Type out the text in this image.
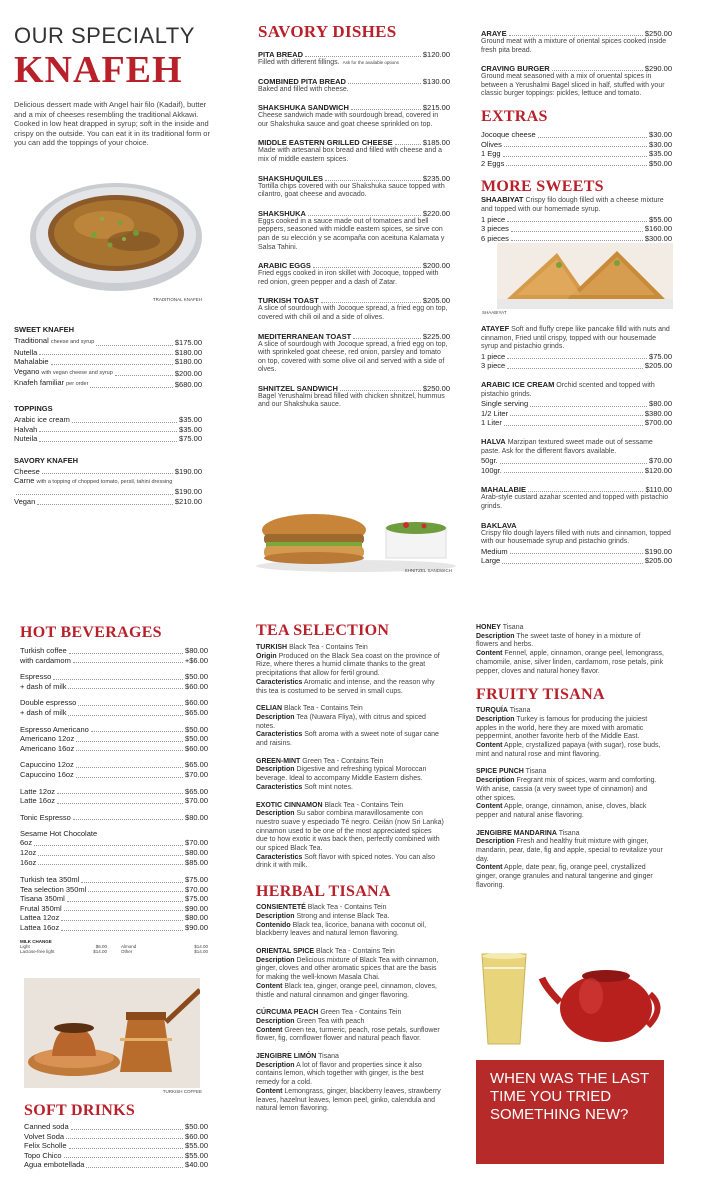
OUR SPECIALTY
KNAFEH
Delicious dessert made with Angel hair filo (Kadaif), butter and a mix of cheeses resembling the traditional Akkawi. Cooked in low heat drapped in syrup; soft in the inside and crispy on the outside. You can eat it in its traditional form or you can add the toppings of your choice.
TRADITIONAL KNAFEH
SWEET KNAFEH
Traditional cheese and syrup	$175.00
Nutella	$180.00
Mahalabie	$180.00
Vegano with vegan cheese and syrup	$200.00
Knafeh familiar per order	$680.00
TOPPINGS
Arabic ice cream	$35.00
Halvah	$35.00
Nuteila	$75.00
SAVORY KNAFEH
Cheese	$190.00
Carne with a topping of chopped tomato, persil, tahini dressing
$190.00
Vegan	$210.00
SAVORY DISHES
PITA BREAD	$120.00
Filled with different fillings. Ask for the available options
COMBINED PITA BREAD	$130.00
Baked and filled with cheese.
SHAKSHUKA SANDWICH	$215.00
Cheese sandwich made with sourdough bread, covered in our Shakshuka sauce and goat cheese sprinkled on top.
MIDDLE EASTERN GRILLED CHEESE	$185.00
Made with artesanal box bread and filled with cheese and a mix of middle eastern spices.
SHAKSHUQUILES	$235.00
Tortilla chips covered with our Shakshuka sauce topped with cilantro, goat cheese and avocado.
SHAKSHUKA	$220.00
Eggs cooked in a sauce made out of tomatoes and bell peppers, seasoned with middle eastern spices, se sirve con pan de su elección y se acompaña con aceituna Kalamata y Salsa Tahini.
ARABIC EGGS	$200.00
Fried eggs cooked in iron skillet with Jocoque, topped with red onion, green pepper and a dash of Zatar.
TURKISH TOAST	$205.00
A slice of sourdough with Jocoque spread, a fried egg on top, covered with chili oil and a side of olives.
MEDITERRANEAN TOAST	$225.00
A slice of sourdough with Jocoque spread, a fried egg on top, with sprinkeled goat cheese, red onion, parsley and tomato on top, covered with some olive oil and served with a side of olves.
SHNITZEL SANDWICH	$250.00
Bagel Yerushalmi bread filled with chicken shnitzel, hummus and our Shakshuka sauce.
SHNITZEL SANDWICH
ARAYE	$250.00
Ground meat with a mixture of oriental spices cooked inside fresh pita bread.
CRAVING BURGER	$290.00
Ground meat seasoned with a mix of oruental spices in between a Yerushalmi Bagel sliced in half, stuffed with your classic burger toppings: pickles, lettuce and tomato.
EXTRAS
Jocoque cheese	$30.00
Olives	$30.00
1 Egg	$35.00
2 Eggs	$50.00
MORE SWEETS
SHAABIYAT Crispy filo dough filled with a cheese mixture and topped with our homemade syrup.
1 piece	$55.00
3 pieces	$160.00
6 pieces	$300.00
SHAABIYAT
ATAYEF Soft and fluffy crepe like pancake filld with nuts and cinnamon, Fried until crispy, topped with our housemade syrup and pistachio grinds.
1 piece	$75.00
3 piece	$205.00
ARABIC ICE CREAM Orchid scented and topped with pistachio grinds.
Single serving	$80.00
1/2 Liter	$380.00
1 Liter	$700.00
HALVA Marzipan textured sweet made out of sessame paste. Ask for the different flavors available.
50gr.	$70.00
100gr.	$120.00
MAHALABIE	$110.00
Arab-style custard azahar scented and topped with pistachio grinds.
BAKLAVA
Crispy filo dough layers filled with nuts and cinnamon, topped with our housemade syrup and pistachio grinds.
Medium	$190.00
Large	$205.00
HOT BEVERAGES
Turkish coffee	$80.00
with cardamom	+$6.00
Espresso	$50.00
+ dash of milk	$60.00
Double espresso	$60.00
+ dash of milk	$65.00
Espresso Americano	$50.00
Americano 12oz	$50.00
Americano 16oz	$60.00
Capuccino 12oz	$65.00
Capuccino 16oz	$70.00
Latte 12oz	$65.00
Latte 16oz	$70.00
Tonic Espresso	$80.00
Sesame Hot Chocolate
6oz	$70.00
12oz	$80.00
16oz	$85.00
Turkish tea 350ml	$75.00
Tea selection 350ml	$70.00
Tisana 350ml	$75.00
Frutal 350ml	$90.00
Lattea 12oz	$80.00
Lattea 16oz	$90.00
MILK CHANGE
Light	$6.00
Lactose-free light	$14.00
Almond	$14.00
Other	$14.00
TURKISH COFFEE
SOFT DRINKS
Canned soda	$50.00
Volvet Soda	$60.00
Felix Scholle	$55.00
Topo Chico	$55.00
Agua embotellada	$40.00
TEA SELECTION
TURKISH Black Tea - Contains Tein
Origin Produced on the Black Sea coast on the province of Rize, where theres a humid climate thanks to the great precipitations that allow for fertil ground.
Caracteristics Aromatic and intense, and the reason why this tea is costumed to be served in small cups.
CELIAN Black Tea - Contains Tein
Description Tea (Nuwara Fliya), with citrus and spiced notes.
Caracteristics Soft aroma with a sweet note of sugar cane and raisins.
GREEN-MINT Green Tea - Contains Tein
Description Digestive and refreshing typical Moroccan beverage. Ideal to accompany Middle Eastern dishes.
Caracteristics Soft mint notes.
EXOTIC CINNAMON Black Tea - Contains Tein
Description Su sabor combina maravillosamente con nuestro suave y especiado Té negro. Ceilán (now Sri Lanka) cinnamon used to be one of the most appreciated spices due to how exotic it was back then, perfectly combined with our spiced Black Tea.
Caracteristics Soft flavor with spiced notes. You can also drink it with milk.
HERBAL TISANA
CONSIENTETÉ Black Tea - Contains Tein
Description Strong and intense Black Tea.
Contenido Black tea, licorice, banana with coconut oil, blackberry leaves and natural lemon flavoring.
ORIENTAL SPICE Black Tea - Contains Tein
Description Delicious mixture of Black Tea with cinnamon, ginger, cloves and other aromatic spices that are the basis for making the well-known Masala Chai.
Content Black tea, ginger, orange peel, cinnamon, cloves, thistle and natural cinnamon and ginger flavoring.
CÚRCUMA PEACH Green Tea - Contains Tein
Description Green Tea with peach
Content Green tea, turmeric, peach, rose petals, sunflower flower, fig, cornflower flower and natural peach flavor.
JENGIBRE LIMÓN Tisana
Description A lot of flavor and properties since it also contains lemon, which together with ginger, is the best remedy for a cold.
Content Lemongrass, ginger, blackberry leaves, strawberry leaves, hazelnut leaves, lemon peel, ginko, calendula and natural lemon flavoring.
HONEY Tisana
Description The sweet taste of honey in a mixture of flowers and herbs.
Content Fennel, apple, cinnamon, orange peel, lemongrass, chamomile, anise, silver linden, cardamom, rose petals, pink pepper, cloves and natural honey flavor.
FRUITY TISANA
TURQUÍA Tisana
Description Turkey is famous for producing the juiciest apples in the world, here they are mixed with aromatic peppermint, another favorite herb of the Middle East.
Content Apple, crystallized papaya (with sugar), rose buds, mint and natural rose and mint flavoring.
SPICE PUNCH Tisana
Description Fregrant mix of spices, warm and comforting. With anise, cassia (a very sweet type of cinnamon) and other spices.
Content Apple, orange, cinnamon, anise, cloves, black pepper and natural anise flavoring.
JENGIBRE MANDARINA Tisana
Description Fresh and healthy fruit mixture with ginger, mandarin, pear, date, fig and apple, special to revitalize your day.
Content Apple, date pear, fig, orange peel, crystallized ginger, orange granules and natural tangerine and ginger flavoring.
WHEN WAS THE LAST TIME YOU TRIED SOMETHING NEW?
